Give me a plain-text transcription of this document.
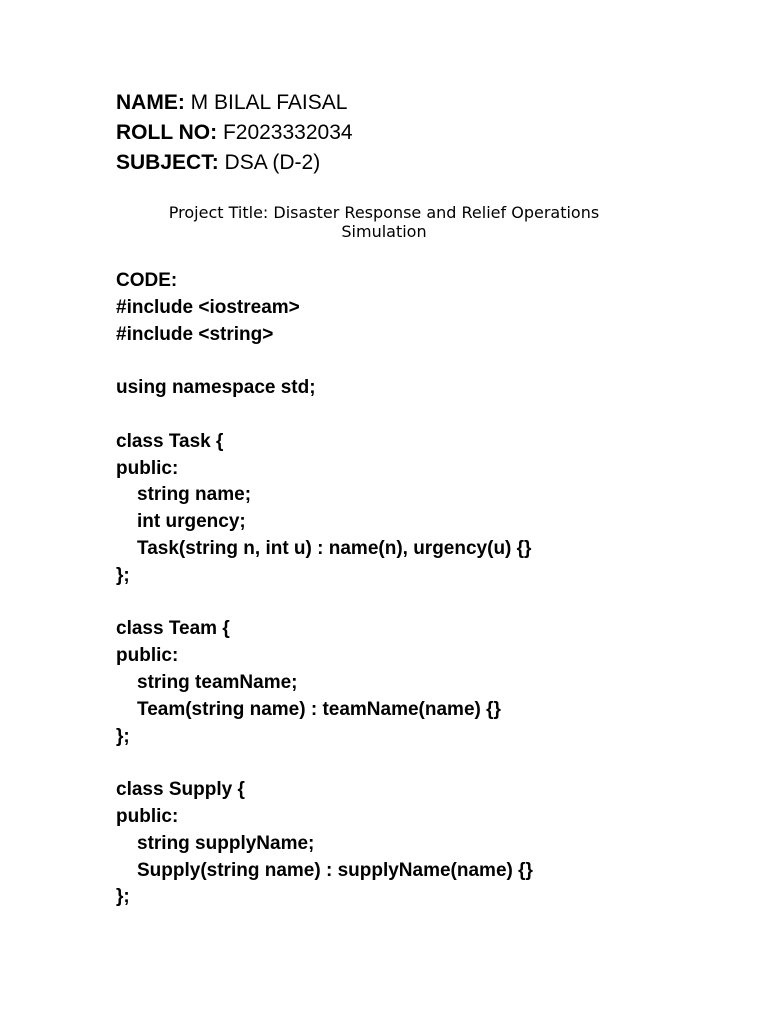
NAME: M BILAL FAISAL
ROLL NO: F2023332034
SUBJECT: DSA (D-2)
Project Title: Disaster Response and Relief Operations
Simulation
CODE:
#include <iostream>
#include <string>
using namespace std;
class Task {
public:
string name;
int urgency;
Task(string n, int u) : name(n), urgency(u) {}
};
class Team {
public:
string teamName;
Team(string name) : teamName(name) {}
};
class Supply {
public:
string supplyName;
Supply(string name) : supplyName(name) {}
};
